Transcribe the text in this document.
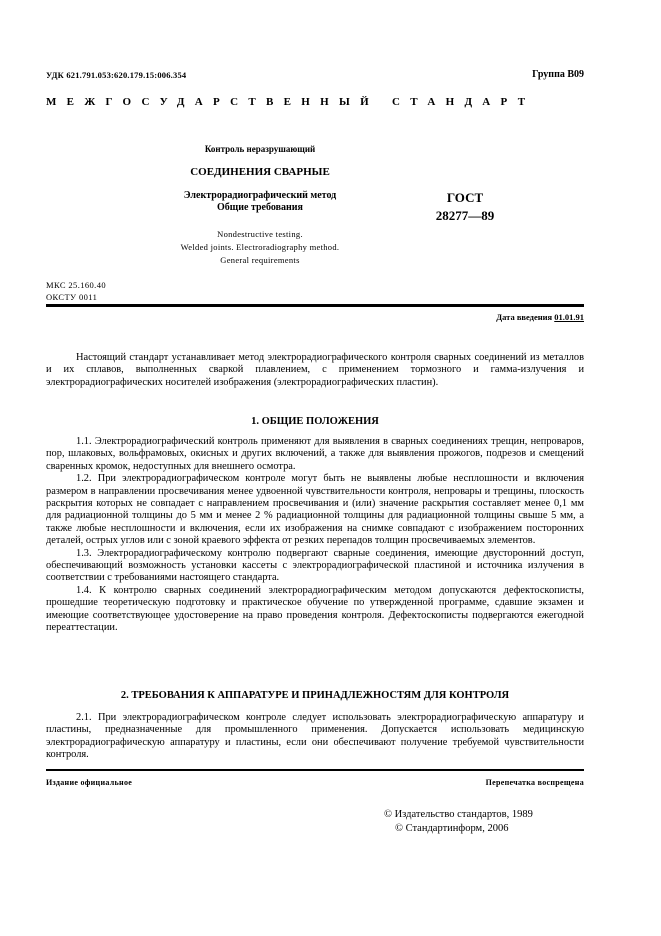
УДК 621.791.053:620.179.15:006.354	Группа В09
МЕЖГОСУДАРСТВЕННЫЙ СТАНДАРТ
Контроль неразрушающий
СОЕДИНЕНИЯ СВАРНЫЕ
Электрорадиографический метод
Общие требования
Nondestructive testing.
Welded joints. Electroradiography method.
General requirements
ГОСТ
28277—89
МКС 25.160.40
ОКСТУ 0011
Дата введения 01.01.91

Настоящий стандарт устанавливает метод электрорадиографического контроля сварных соединений из металлов и их сплавов, выполненных сваркой плавлением, с применением тормозного и гамма-излучения и электрорадиографических носителей изображения (электрорадиографических пластин).

1. ОБЩИЕ ПОЛОЖЕНИЯ

1.1. Электрорадиографический контроль применяют для выявления в сварных соединениях трещин, непроваров, пор, шлаковых, вольфрамовых, окисных и других включений, а также для выявления прожогов, подрезов и смещений сваренных кромок, недоступных для внешнего осмотра.

1.2. При электрорадиографическом контроле могут быть не выявлены любые несплошности и включения размером в направлении просвечивания менее удвоенной чувствительности контроля, непровары и трещины, плоскость раскрытия которых не совпадает с направлением просвечивания и (или) значение раскрытия составляет менее 0,1 мм для радиационной толщины до 5 мм и менее 2 % радиационной толщины для радиационной толщины свыше 5 мм, а также любые несплошности и включения, если их изображения на снимке совпадают с изображением посторонних деталей, острых углов или с зоной краевого эффекта от резких перепадов толщин просвечиваемых элементов.

1.3. Электрорадиографическому контролю подвергают сварные соединения, имеющие двусторонний доступ, обеспечивающий возможность установки кассеты с электрорадиографической пластиной и источника излучения в соответствии с требованиями настоящего стандарта.

1.4. К контролю сварных соединений электрорадиографическим методом допускаются дефектоскописты, прошедшие теоретическую подготовку и практическое обучение по утвержденной программе, сдавшие экзамен и имеющие соответствующее удостоверение на право проведения контроля. Дефектоскописты подвергаются ежегодной переаттестации.

2. ТРЕБОВАНИЯ К АППАРАТУРЕ И ПРИНАДЛЕЖНОСТЯМ ДЛЯ КОНТРОЛЯ

2.1. При электрорадиографическом контроле следует использовать электрорадиографическую аппаратуру и пластины, предназначенные для промышленного применения. Допускается использовать медицинскую электрорадиографическую аппаратуру и пластины, если они обеспечивают получение требуемой чувствительности контроля.

Издание официальное	Перепечатка воспрещена
© Издательство стандартов, 1989
© Стандартинформ, 2006
